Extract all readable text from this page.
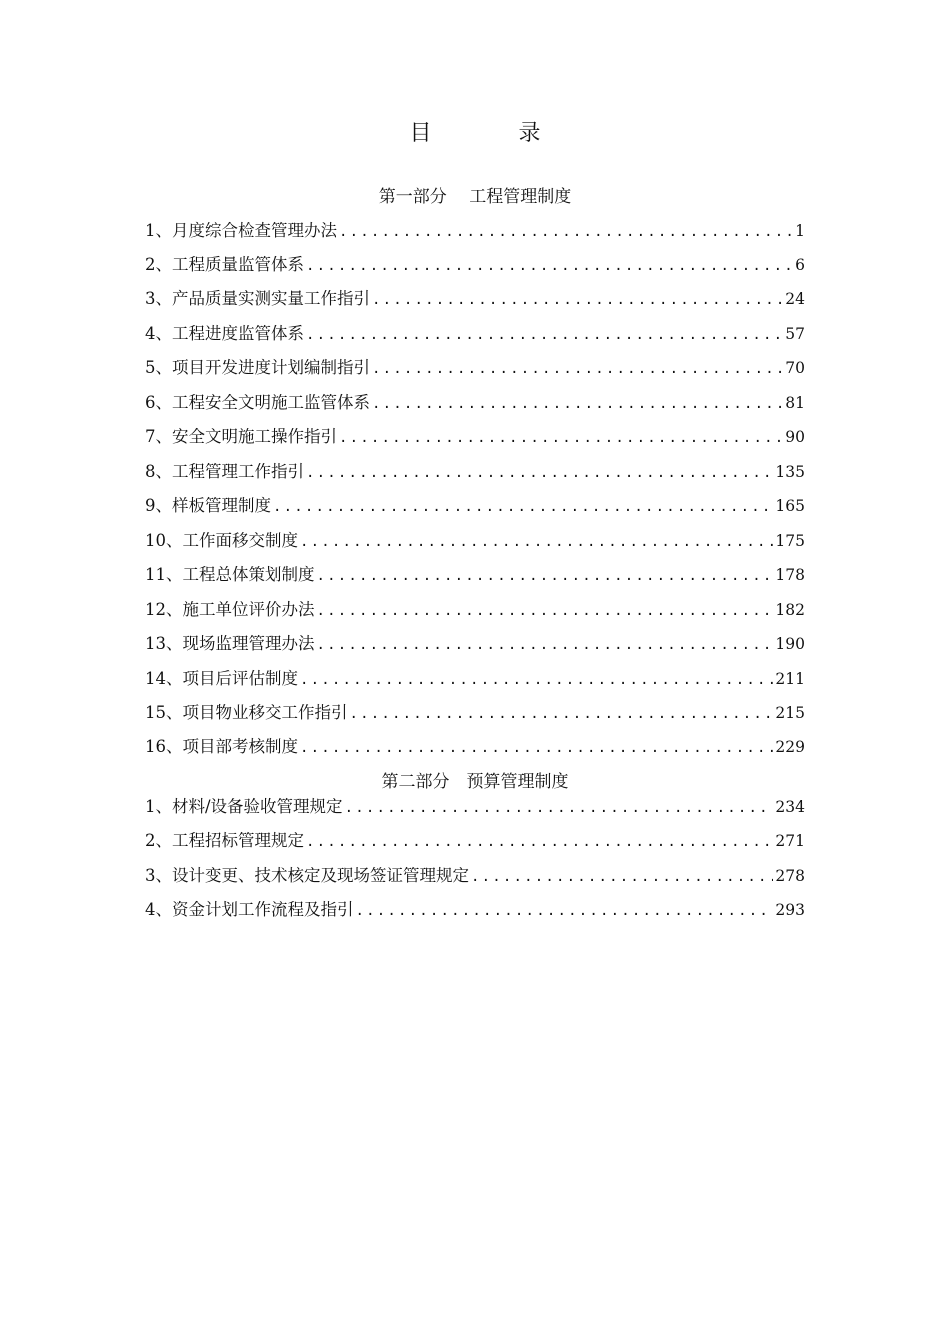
目 录
第一部分　 工程管理制度
1、 月度综合检查管理办法 .....	1
2、 工程质量监管体系 .....	6
3、 产品质量实测实量工作指引 .....	24
4、 工程进度监管体系 .....	57
5、 项目开发进度计划编制指引 .....	70
6、 工程安全文明施工监管体系 .....	81
7、 安全文明施工操作指引 .....	90
8、 工程管理工作指引 .....	135
9、 样板管理制度 .....	165
10、 工作面移交制度 .....	175
11、 工程总体策划制度 .....	178
12、 施工单位评价办法 .....	182
13、 现场监理管理办法 .....	190
14、 项目后评估制度 .....	211
15、 项目物业移交工作指引 .....	215
16、 项目部考核制度 .....	229
第二部分　预算管理制度
1、 材料/设备验收管理规定 .....	234
2、 工程招标管理规定 .....	271
3、 设计变更、技术核定及现场签证管理规定 .....	278
4、 资金计划工作流程及指引 .....	293
